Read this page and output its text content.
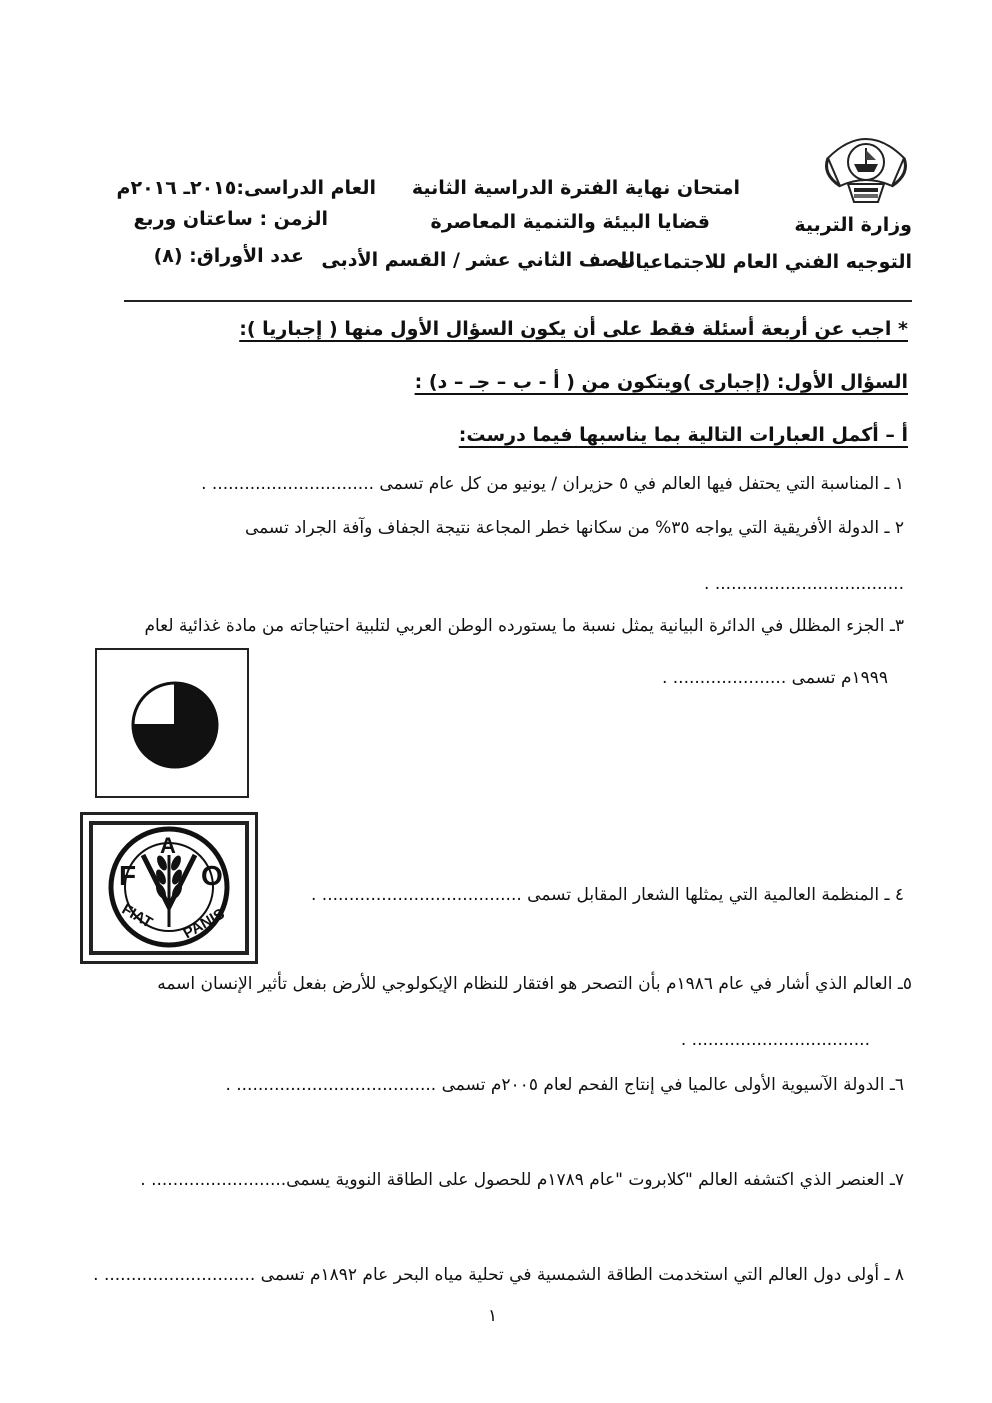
امتحان نهاية الفترة الدراسية الثانية
العام الدراسى:٢٠١٥ـ ٢٠١٦م
وزارة التربية
قضايا البيئة والتنمية المعاصرة
الزمن : ساعتان وربع
التوجيه الفني العام للاجتماعيات
للصف الثاني عشر / القسم الأدبى
عدد الأوراق: (٨)
* اجب عن أربعة أسئلة فقط على أن يكون السؤال الأول منها ( إجباريا ):
السؤال الأول: (إجبارى )ويتكون من ( أ - ب – جـ – د) :
أ – أكمل العبارات التالية بما يناسبها فيما درست:
١ ـ المناسبة التي يحتفل فيها العالم في ٥ حزيران / يونيو من كل عام تسمى .............................. .
٢ ـ الدولة الأفريقية التي يواجه ٣٥% من سكانها خطر المجاعة نتيجة الجفاف وآفة الجراد تسمى
. ...................................
٣ـ الجزء المظلل في الدائرة البيانية يمثل نسبة ما يستورده الوطن العربي لتلبية احتياجاته من مادة غذائية لعام
١٩٩٩م تسمى ..................... .
F
A
O
FIAT PANIS
٤ ـ المنظمة العالمية التي يمثلها الشعار المقابل تسمى ..................................... .
٥ـ العالم الذي أشار في عام ١٩٨٦م بأن التصحر هو افتقار للنظام الإيكولوجي للأرض بفعل تأثير الإنسان اسمه
. .................................
٦ـ الدولة الآسيوية الأولى عالميا في إنتاج الفحم لعام ٢٠٠٥م تسمى ..................................... .
٧ـ العنصر الذي اكتشفه العالم "كلابروت "عام ١٧٨٩م للحصول على الطاقة النووية يسمى......................... .
٨ ـ أولى دول العالم التي استخدمت الطاقة الشمسية في تحلية مياه البحر عام ١٨٩٢م تسمى ............................ .
١
